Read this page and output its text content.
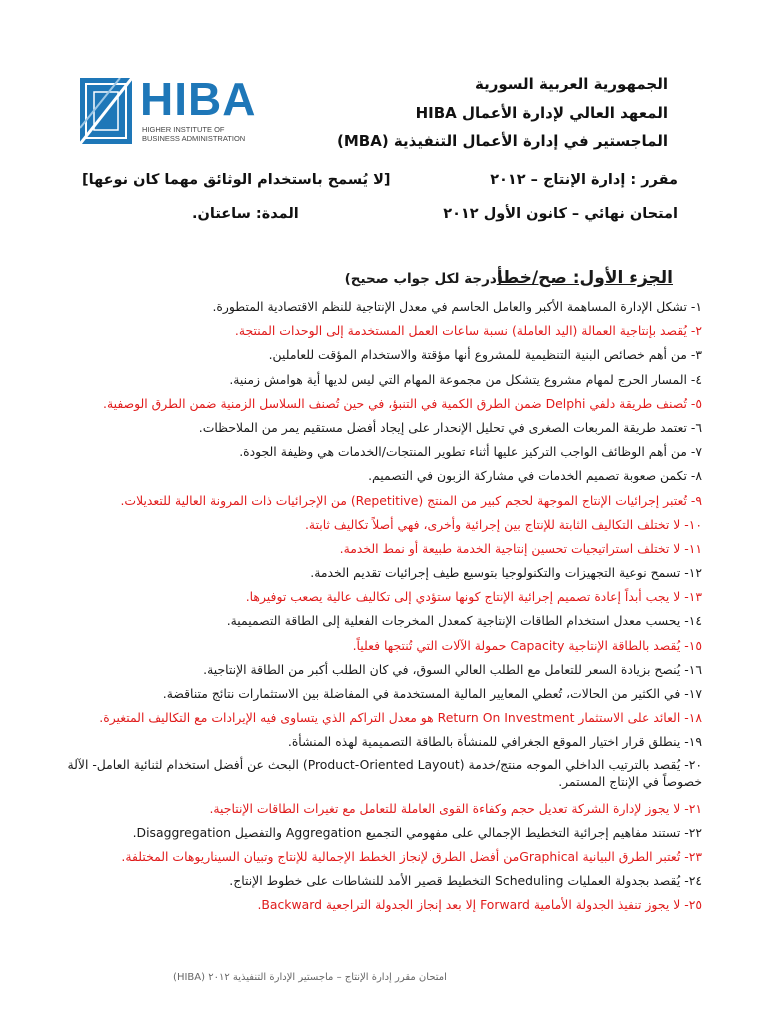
HIBA
HIGHER INSTITUTE OF
BUSINESS ADMINISTRATION
الجمهورية العربية السورية
المعهد العالي لإدارة الأعمال HIBA
الماجستير في إدارة الأعمال التنفيذية (MBA)
مقرر : إدارة الإنتاج – ٢٠١٢
[لا يُسمح باستخدام الوثائق مهما كان نوعها]
امتحان نهائي – كانون الأول ٢٠١٢
المدة: ساعتان.
الجزء الأول: صح/خطأ
(درجة لكل جواب صحيح)
١- تشكل الإدارة المساهمة الأكبر والعامل الحاسم في معدل الإنتاجية للنظم الاقتصادية المتطورة.
٢- يُقصد بإنتاجية العمالة (اليد العاملة) نسبة ساعات العمل المستخدمة إلى الوحدات المنتجة.
٣- من أهم خصائص البنية التنظيمية للمشروع أنها مؤقتة والاستخدام المؤقت للعاملين.
٤- المسار الحرج لمهام مشروع يتشكل من مجموعة المهام التي ليس لديها أية هوامش زمنية.
٥- تُصنف طريقة دلفي Delphi ضمن الطرق الكمية في التنبؤ، في حين تُصنف السلاسل الزمنية ضمن الطرق الوصفية.
٦- تعتمد طريقة المربعات الصغرى في تحليل الإنحدار على إيجاد أفضل مستقيم يمر من الملاحظات.
٧- من أهم الوظائف الواجب التركيز عليها أثناء تطوير المنتجات/الخدمات هي وظيفة الجودة.
٨- تكمن صعوبة تصميم الخدمات في مشاركة الزبون في التصميم.
٩- تُعتبر إجرائيات الإنتاج الموجهة لحجم كبير من المنتج (Repetitive) من الإجرائيات ذات المرونة العالية للتعديلات.
١٠- لا تختلف التكاليف الثابتة للإنتاج بين إجرائية وأخرى، فهي أصلاً تكاليف ثابتة.
١١- لا تختلف استراتيجيات تحسين إنتاجية الخدمة طبيعة أو نمط الخدمة.
١٢- تسمح نوعية التجهيزات والتكنولوجيا بتوسيع طيف إجرائيات تقديم الخدمة.
١٣- لا يجب أبداً إعادة تصميم إجرائية الإنتاج كونها ستؤدي إلى تكاليف عالية يصعب توفيرها.
١٤- يحسب معدل استخدام الطاقات الإنتاجية كمعدل المخرجات الفعلية إلى الطاقة التصميمية.
١٥- يُقصد بالطاقة الإنتاجية Capacity حمولة الآلات التي تُنتجها فعلياً.
١٦- يُنصح بزيادة السعر للتعامل مع الطلب العالي السوق، في كان الطلب أكبر من الطاقة الإنتاجية.
١٧- في الكثير من الحالات، تُعطي المعايير المالية المستخدمة في المفاضلة بين الاستثمارات نتائج متناقضة.
١٨- العائد على الاستثمار Return On Investment هو معدل التراكم الذي يتساوى فيه الإيرادات مع التكاليف المتغيرة.
١٩- ينطلق قرار اختيار الموقع الجغرافي للمنشأة بالطاقة التصميمية لهذه المنشأة.
٢٠- يُقصد بالترتيب الداخلي الموجه منتج/خدمة (Product-Oriented Layout) البحث عن أفضل استخدام لثنائية العامل- الآلة خصوصاً في الإنتاج المستمر.
٢١- لا يجوز لإدارة الشركة تعديل حجم وكفاءة القوى العاملة للتعامل مع تغيرات الطاقات الإنتاجية.
٢٢- تستند مفاهيم إجرائية التخطيط الإجمالي على مفهومي التجميع Aggregation والتفصيل Disaggregation.
٢٣- تُعتبر الطرق البيانية Graphicalمن أفضل الطرق لإنجاز الخطط الإجمالية للإنتاج وتبيان السيناريوهات المختلفة.
٢٤- يُقصد بجدولة العمليات Scheduling التخطيط قصير الأمد للنشاطات على خطوط الإنتاج.
٢٥- لا يجوز تنفيذ الجدولة الأمامية Forward إلا بعد إنجاز الجدولة التراجعية Backward.
امتحان مقرر إدارة الإنتاج – ماجستير الإدارة التنفيذية ٢٠١٢ (HIBA)
